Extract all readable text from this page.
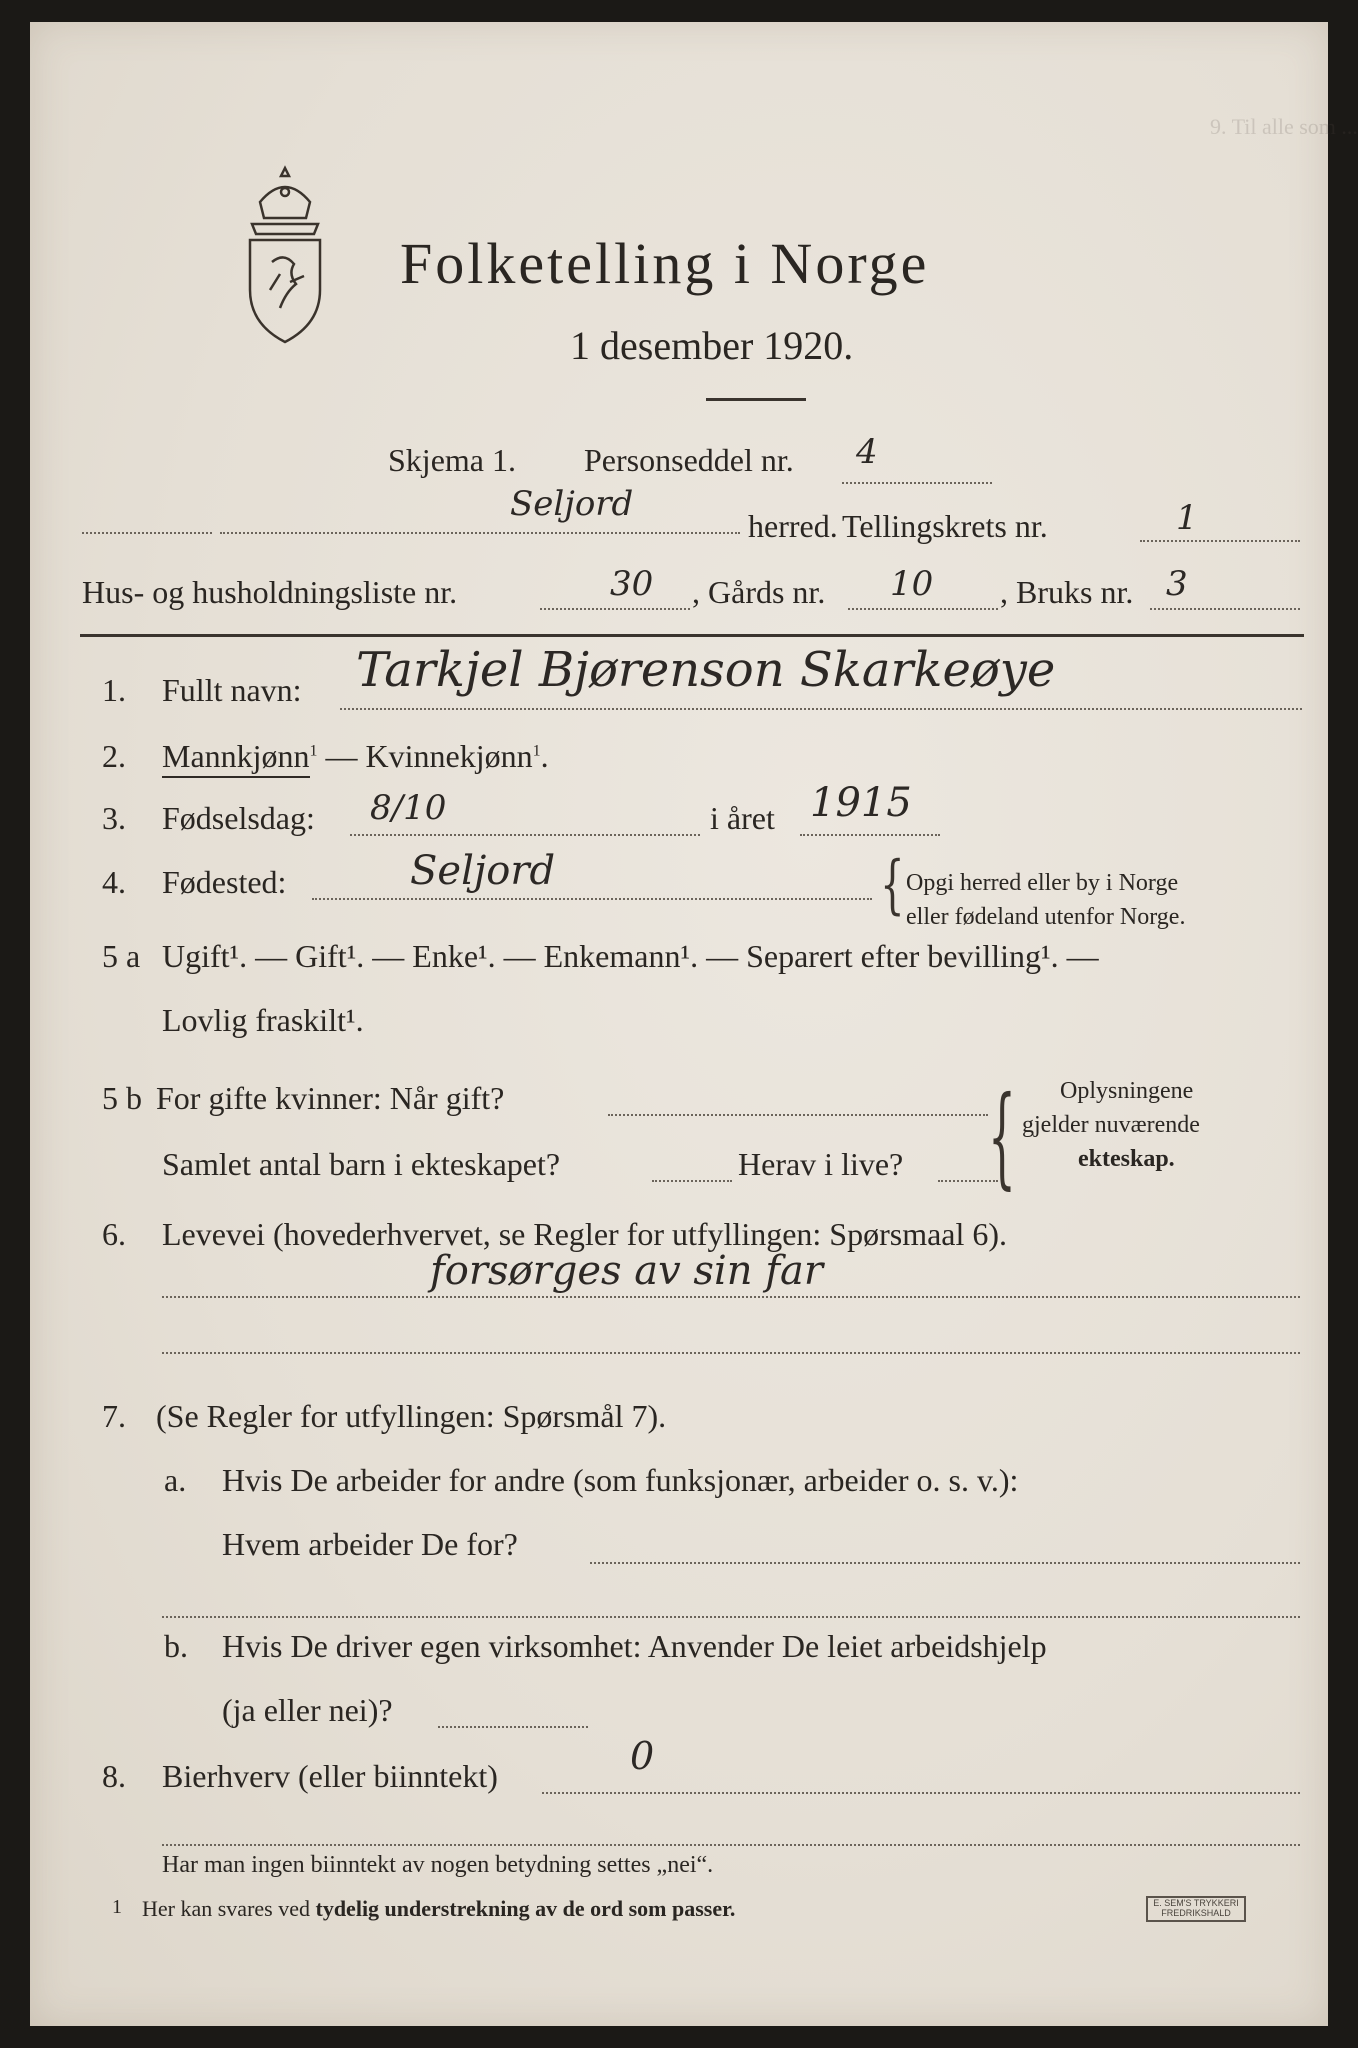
9. Til alle som ...
Folketelling i Norge
1 desember 1920.
Skjema 1. Personseddel nr. 4
Seljord
herred. Tellingskrets nr.	1
Hus- og husholdningsliste nr.	30 , Gårds nr. 10 , Bruks nr. 3
1. Fullt navn: Tarkjel Bjørenson Skarkeøye
2. Mannkjønn$^1$ — Kvinnekjønn$^1$.
3. Fødselsdag: 8/10	i året 1915
4. Fødested:	Seljord	{ Opgi herred eller by i Norge
eller fødeland utenfor Norge.
5 a Ugift¹. — Gift¹. — Enke¹. — Enkemann¹. — Separert efter bevilling¹. —
Lovlig fraskilt¹.
5 b For gifte kvinner: Når gift?
Samlet antal barn i ekteskapet?	Herav i live? { Oplysningene
gjelder nuværende
ekteskap.
6. Levevei (hovederhvervet, se Regler for utfyllingen: Spørsmaal 6).
forsørges av sin far
7. (Se Regler for utfyllingen: Spørsmål 7).
a. Hvis De arbeider for andre (som funksjonær, arbeider o. s. v.):
Hvem arbeider De for?
b. Hvis De driver egen virksomhet: Anvender De leiet arbeidshjelp
(ja eller nei)?
8. Bierhverv (eller biinntekt)	0
Har man ingen biinntekt av nogen betydning settes „nei“.
1 Her kan svares ved tydelig understrekning av de ord som passer.	E. SEM'S TRYKKERI
FREDRIKSHALD
